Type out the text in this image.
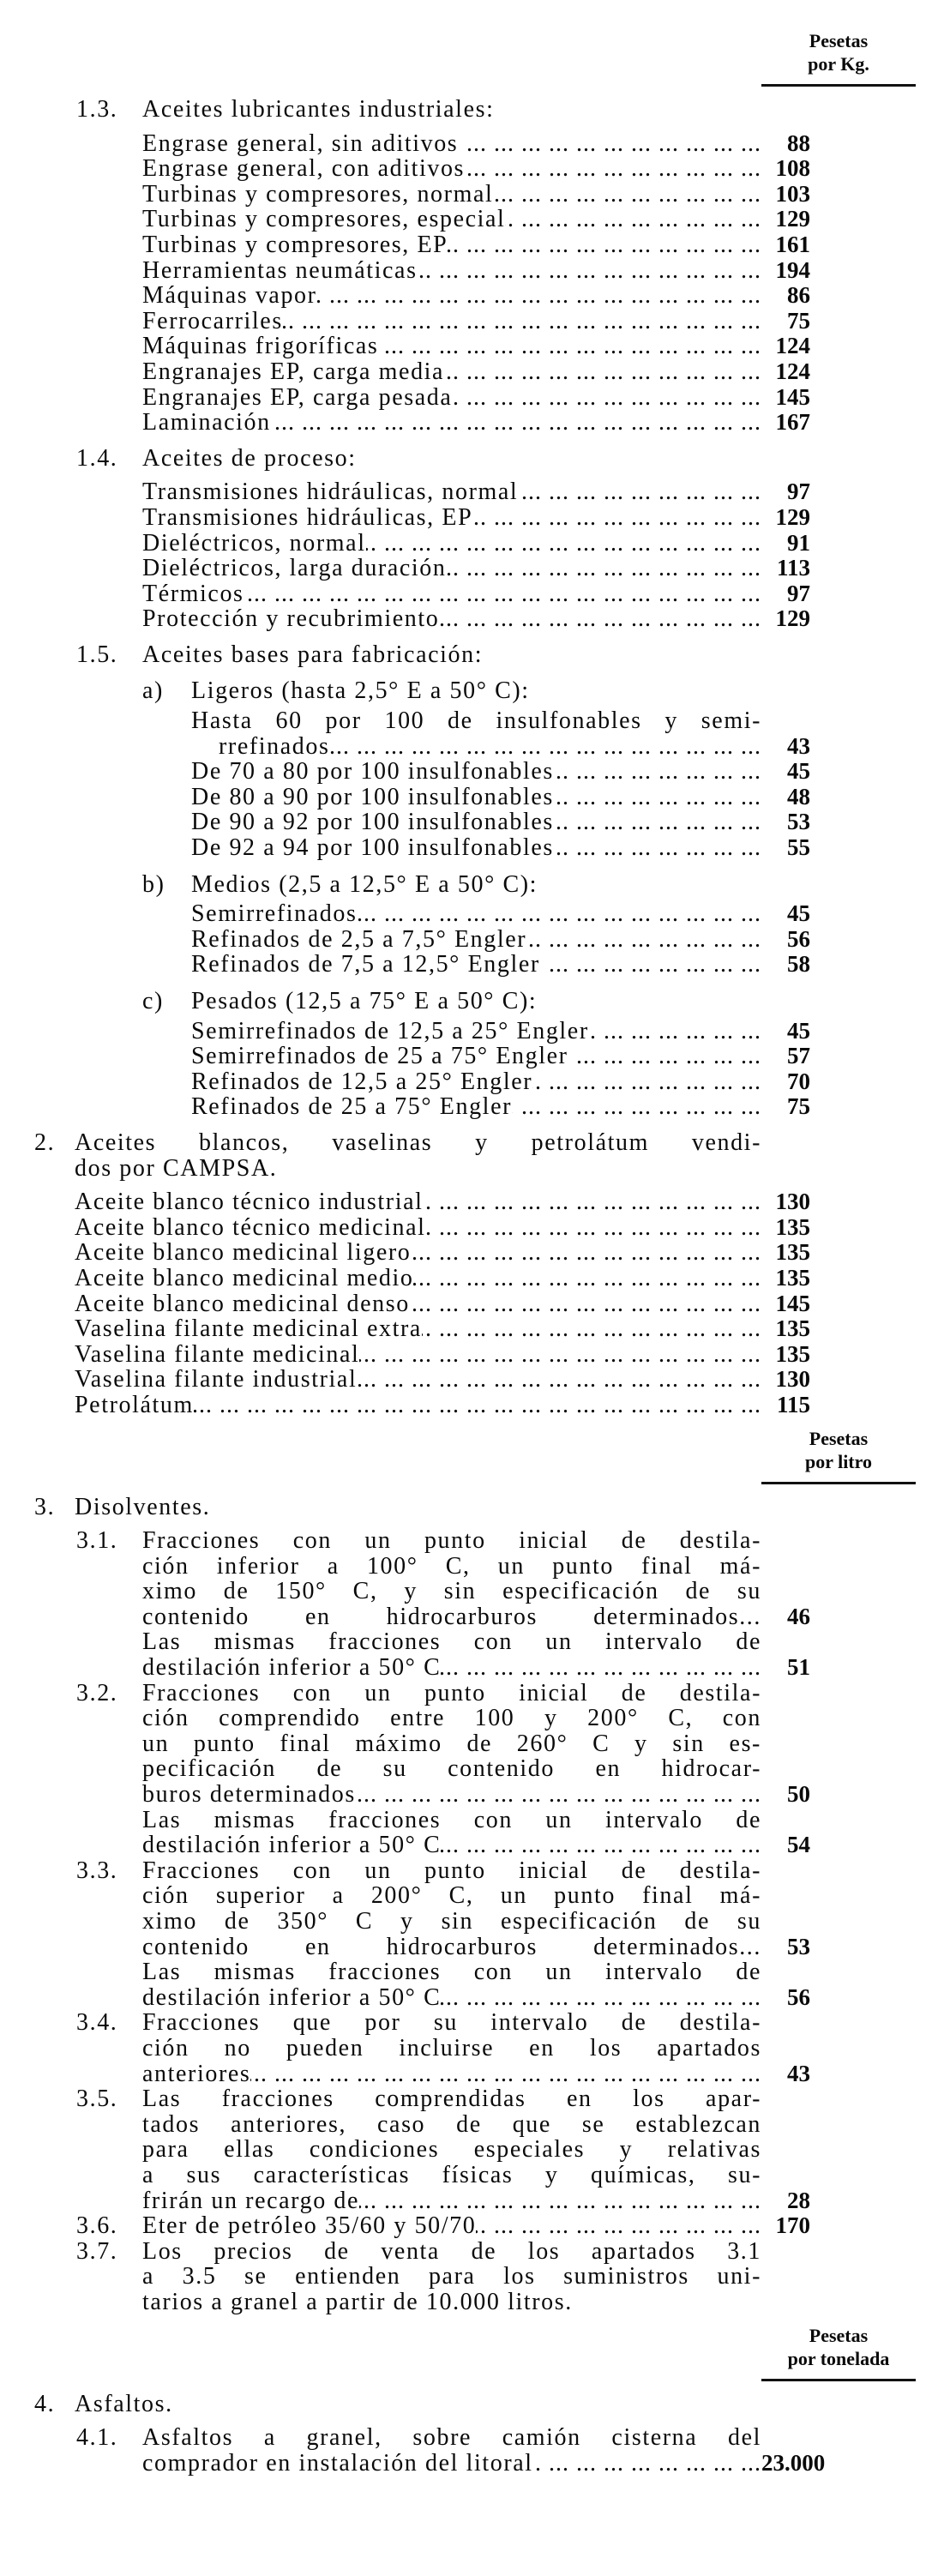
Pesetas
por Kg.
1.3. Aceites lubricantes industriales:
Engrase general, sin aditivos ... .	88
Engrase general, con aditivos ... .	108
Turbinas y compresores, normal ... .	103
Turbinas y compresores, especial ... .	129
Turbinas y compresores, EP ... .	161
Herramientas neumáticas ... .	194
Máquinas vapor ... .	86
Ferrocarriles ... .	75
Máquinas frigoríficas ... .	124
Engranajes EP, carga media ... .	124
Engranajes EP, carga pesada ... .	145
Laminación ... .	167
1.4. Aceites de proceso:
Transmisiones hidráulicas, normal ... .	97
Transmisiones hidráulicas, EP ... .	129
Dieléctricos, normal ... .	91
Dieléctricos, larga duración ... .	113
Térmicos ... .	97
Protección y recubrimiento ... .	129
1.5. Aceites bases para fabricación:
a) Ligeros (hasta 2,5° E a 50° C):
Hasta 60 por 100 de insulfonables y semi-
rrefinados ... .	43
De 70 a 80 por 100 insulfonables ... .	45
De 80 a 90 por 100 insulfonables ... .	48
De 90 a 92 por 100 insulfonables ... .	53
De 92 a 94 por 100 insulfonables ... .	55
b) Medios (2,5 a 12,5° E a 50° C):
Semirrefinados ... .	45
Refinados de 2,5 a 7,5° Engler ... .	56
Refinados de 7,5 a 12,5° Engler ... .	58
c) Pesados (12,5 a 75° E a 50° C):
Semirrefinados de 12,5 a 25° Engler ... .	45
Semirrefinados de 25 a 75° Engler ... .	57
Refinados de 12,5 a 25° Engler ... .	70
Refinados de 25 a 75° Engler ... .	75
2. Aceites blancos, vaselinas y petrolátum vendi-
dos por CAMPSA.
Aceite blanco técnico industrial ... .	130
Aceite blanco técnico medicinal ... .	135
Aceite blanco medicinal ligero ... .	135
Aceite blanco medicinal medio ... .	135
Aceite blanco medicinal denso ... .	145
Vaselina filante medicinal extra ... .	135
Vaselina filante medicinal ... .	135
Vaselina filante industrial ... .	130
Petrolátum ... .	115
Pesetas
por litro
3. Disolventes.
3.1. Fracciones con un punto inicial de destila-
ción inferior a 100° C, un punto final má-
ximo de 150° C, y sin especificación de su
contenido en hidrocarburos determinados...	46
Las mismas fracciones con un intervalo de
destilación inferior a 50° C ... .	51
3.2. Fracciones con un punto inicial de destila-
ción comprendido entre 100 y 200° C, con
un punto final máximo de 260° C y sin es-
pecificación de su contenido en hidrocar-
buros determinados ... .	50
Las mismas fracciones con un intervalo de
destilación inferior a 50° C ... .	54
3.3. Fracciones con un punto inicial de destila-
ción superior a 200° C, un punto final má-
ximo de 350° C y sin especificación de su
contenido en hidrocarburos determinados...	53
Las mismas fracciones con un intervalo de
destilación inferior a 50° C ... .	56
3.4. Fracciones que por su intervalo de destila-
ción no pueden incluirse en los apartados
anteriores ... .	43
3.5. Las fracciones comprendidas en los apar-
tados anteriores, caso de que se establezcan
para ellas condiciones especiales y relativas
a sus características físicas y químicas, su-
frirán un recargo de ... .	28
3.6. Eter de petróleo 35/60 y 50/70 ... .	170
3.7. Los precios de venta de los apartados 3.1
a 3.5 se entienden para los suministros uni-
tarios a granel a partir de 10.000 litros.
Pesetas
por tonelada
4. Asfaltos.
4.1. Asfaltos a granel, sobre camión cisterna del
comprador en instalación del litoral ... .	23.000
